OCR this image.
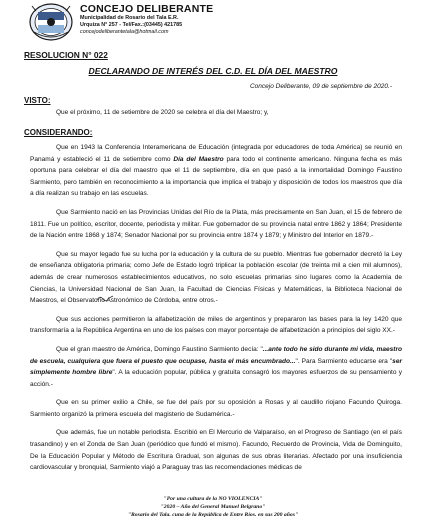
CONCEJO DELIBERANTE
Municipalidad de Rosario del Tala E.R.
Urquiza N° 257 - Tel/Fax.:(03445) 421785
concejodeliberantetala@hotmail.com
RESOLUCION N° 022
DECLARANDO DE INTERÉS DEL C.D. EL DÍA DEL MAESTRO
Concejo Deliberante, 09 de septiembre de 2020.-
VISTO:
Que el próximo, 11 de setiembre de 2020 se celebra el día del Maestro; y,
CONSIDERANDO:

Que en 1943 la Conferencia Interamericana de Educación (integrada por educadores de toda América) se reunió en Panamá y estableció el 11 de setiembre como Día del Maestro para todo el continente americano. Ninguna fecha es más oportuna para celebrar el día del maestro que el 11 de septiembre, día en que pasó a la inmortalidad Domingo Faustino Sarmiento, pero también en reconocimiento a la importancia que implica el trabajo y disposición de todos los maestros que día a día realizan su trabajo en las escuelas.

Que Sarmiento nació en las Provincias Unidas del Río de la Plata, más precisamente en San Juan, el 15 de febrero de 1811. Fue un político, escritor, docente, periodista y militar. Fue gobernador de su provincia natal entre 1862 y 1864; Presidente de la Nación entre 1868 y 1874; Senador Nacional por su provincia entre 1874 y 1879; y Ministro del Interior en 1879.-

Que su mayor legado fue su lucha por la educación y la cultura de su pueblo. Mientras fue gobernador decretó la Ley de enseñanza obligatoria primaria; como Jefe de Estado logró triplicar la población escolar (de treinta mil a cien mil alumnos), además de crear numerosos establecimientos educativos, no solo escuelas primarias sino lugares como la Academia de Ciencias, la Universidad Nacional de San Juan, la Facultad de Ciencias Físicas y Matemáticas, la Biblioteca Nacional de Maestros, el Observatorio Astronómico de Córdoba, entre otros.-

Que sus acciones permitieron la alfabetización de miles de argentinos y prepararon las bases para la ley 1420 que transformaría a la República Argentina en uno de los países con mayor porcentaje de alfabetización a principios del siglo XX.-

Que el gran maestro de América, Domingo Faustino Sarmiento decía: "...ante todo he sido durante mi vida, maestro de escuela, cualquiera que fuera el puesto que ocupase, hasta el más encumbrado...". Para Sarmiento educarse era "ser simplemente hombre libre". A la educación popular, pública y gratuita consagró los mayores esfuerzos de su pensamiento y acción.-

Que en su primer exilio a Chile, se fue del país por su oposición a Rosas y al caudillo riojano Facundo Quiroga. Sarmiento organizó la primera escuela del magisterio de Sudamérica.-

Que además, fue un notable periodista. Escribió en El Mercurio de Valparaíso, en el Progreso de Santiago (en el país trasandino) y en el Zonda de San Juan (periódico que fundó el mismo). Facundo, Recuerdo de Provincia, Vida de Dominguito, De la Educación Popular y Método de Escritura Gradual, son algunas de sus obras literarias. Afectado por una insuficiencia cardiovascular y bronquial, Sarmiento viajó a Paraguay tras las recomendaciones médicas de

"Por una cultura de la NO VIOLENCIA"
"2020 – Año del General Manuel Belgrano"
"Rosario del Tala. cuna de la República de Entre Ríos. en sus 200 años"
